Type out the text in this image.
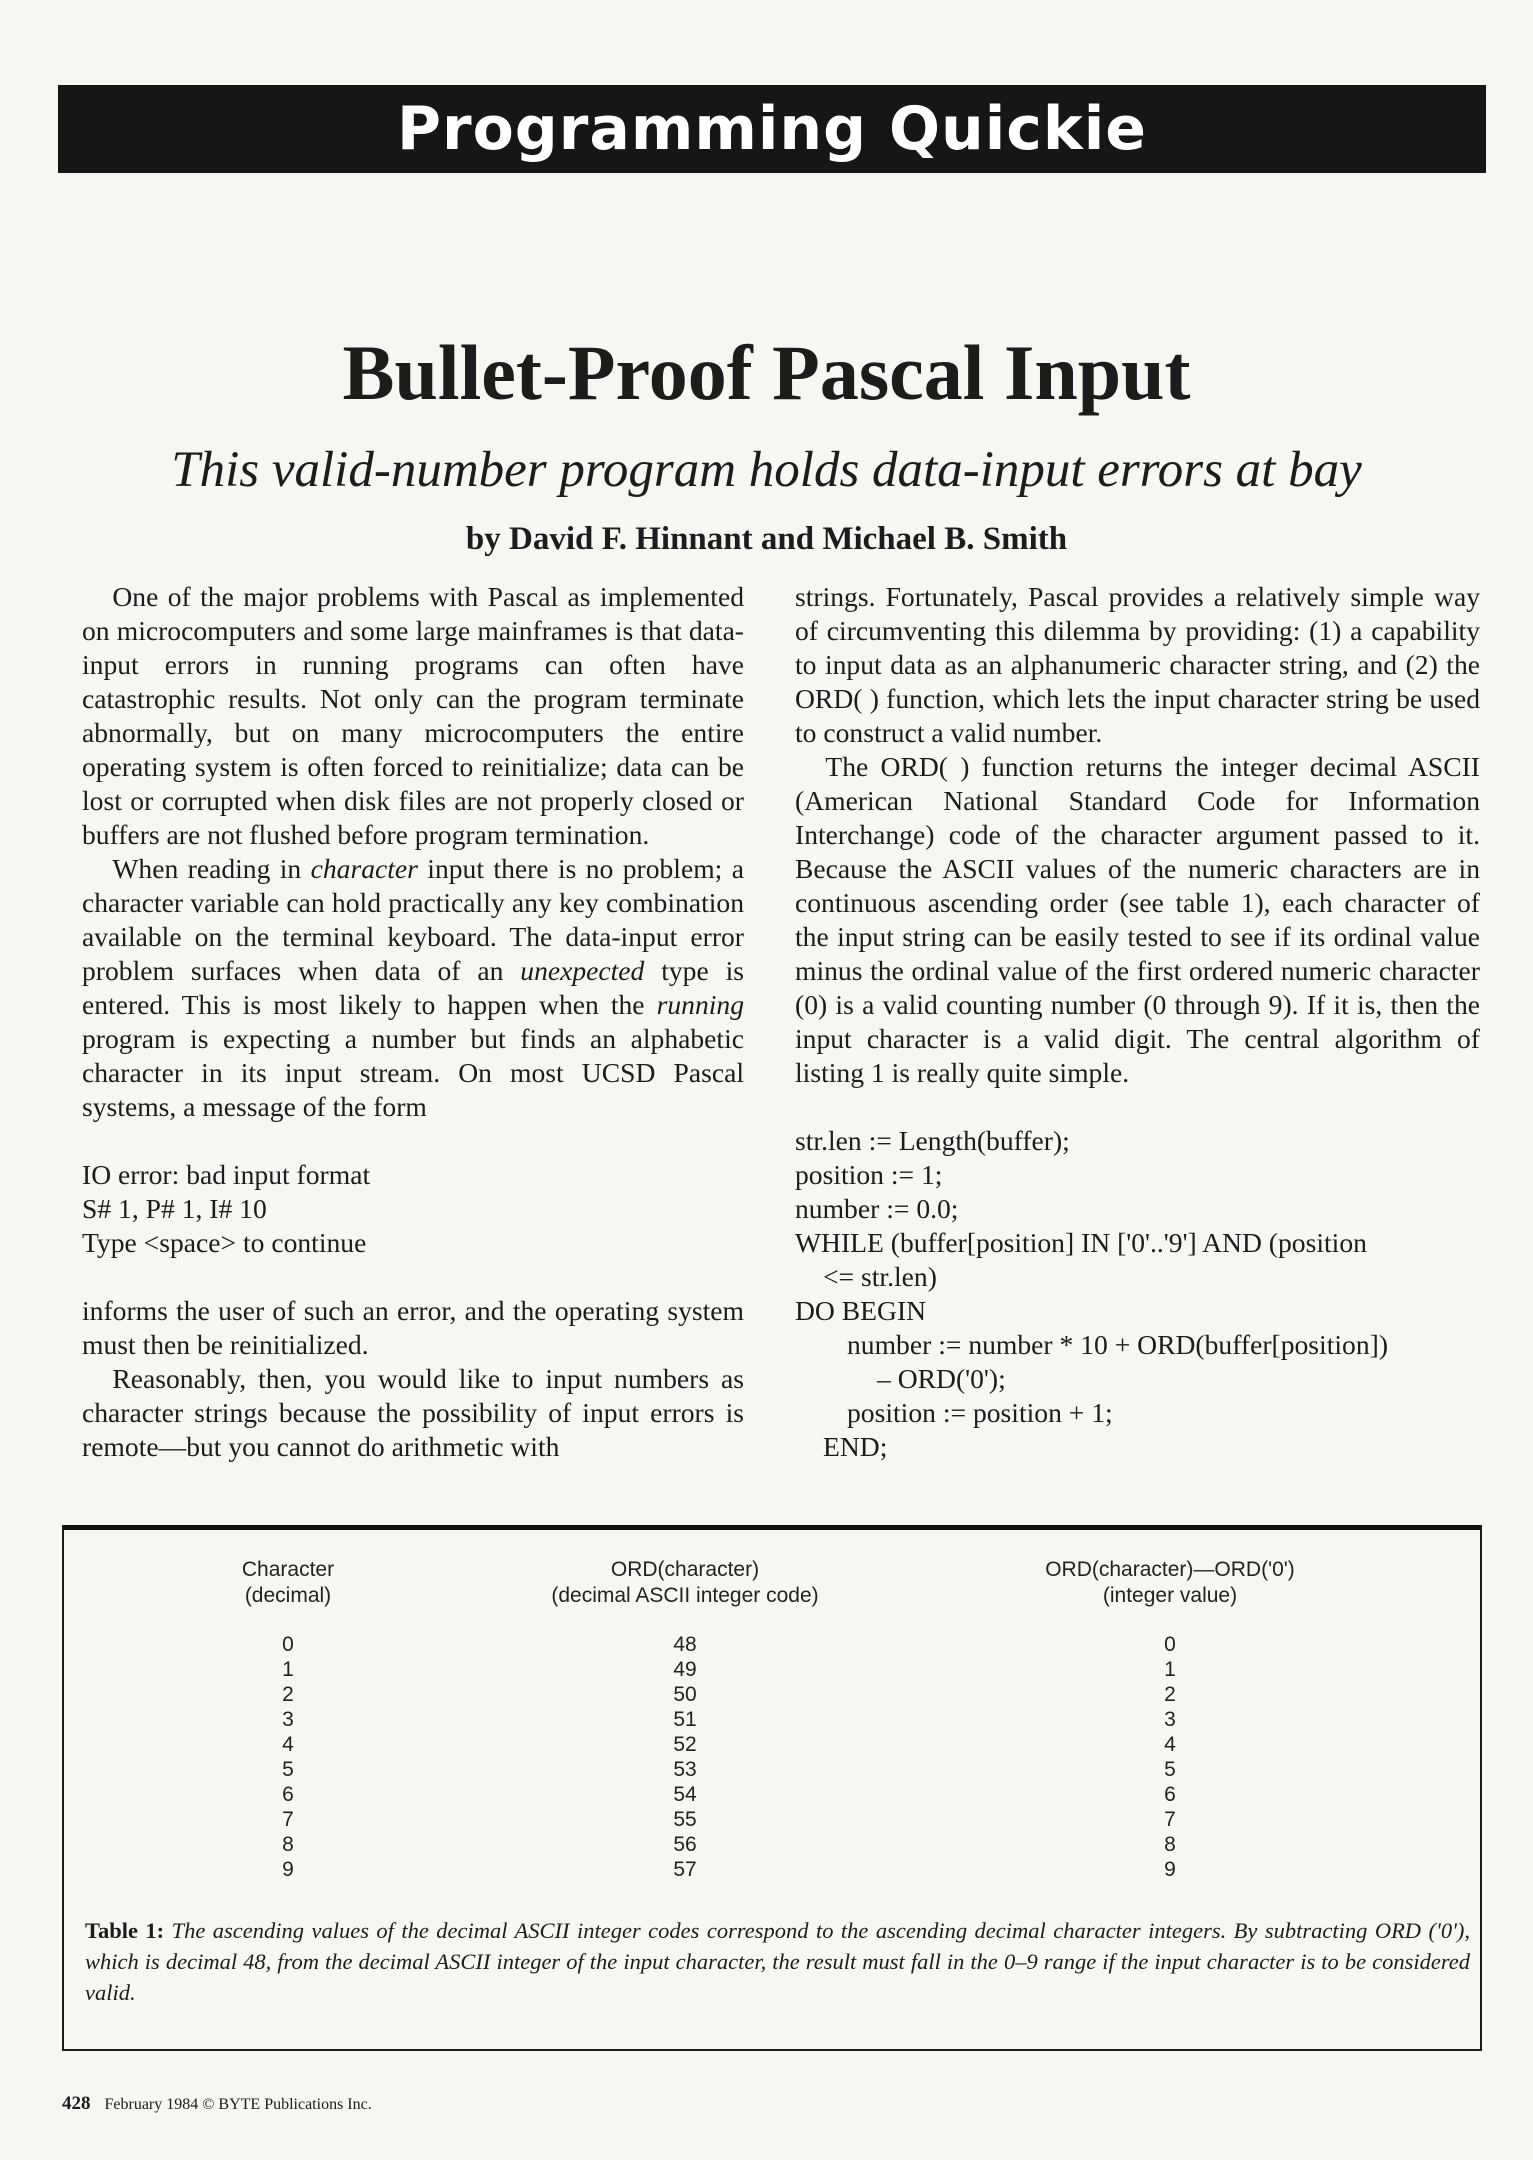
Programming Quickie
Bullet-Proof Pascal Input
This valid-number program holds data-input errors at bay
by David F. Hinnant and Michael B. Smith

One of the major problems with Pascal as implemented on microcomputers and some large mainframes is that data-input errors in running programs can often have catastrophic results. Not only can the program terminate abnormally, but on many microcomputers the entire operating system is often forced to reinitialize; data can be lost or corrupted when disk files are not properly closed or buffers are not flushed before program termination.

When reading in character input there is no problem; a character variable can hold practically any key combination available on the terminal keyboard. The data-input error problem surfaces when data of an unexpected type is entered. This is most likely to happen when the running program is expecting a number but finds an alphabetic character in its input stream. On most UCSD Pascal systems, a message of the form

IO error: bad input format
S# 1, P# 1, I# 10
Type <space> to continue

informs the user of such an error, and the operating system must then be reinitialized.

Reasonably, then, you would like to input numbers as character strings because the possibility of input errors is remote—but you cannot do arithmetic with

strings. Fortunately, Pascal provides a relatively simple way of circumventing this dilemma by providing: (1) a capability to input data as an alphanumeric character string, and (2) the ORD( ) function, which lets the input character string be used to construct a valid number.

The ORD( ) function returns the integer decimal ASCII (American National Standard Code for Information Interchange) code of the character argument passed to it. Because the ASCII values of the numeric characters are in continuous ascending order (see table 1), each character of the input string can be easily tested to see if its ordinal value minus the ordinal value of the first ordered numeric character (0) is a valid counting number (0 through 9). If it is, then the input character is a valid digit. The central algorithm of listing 1 is really quite simple.

str.len := Length(buffer);
position := 1;
number := 0.0;
WHILE (buffer[position] IN ['0'..'9'] AND (position
<= str.len)
DO BEGIN
number := number * 10 + ORD(buffer[position])
– ORD('0');
position := position + 1;
END;
Character
(decimal)
ORD(character)
(decimal ASCII integer code)
ORD(character)—ORD('0')
(integer value)
0
1
2
3
4
5
6
7
8
9
48
49
50
51
52
53
54
55
56
57
0
1
2
3
4
5
6
7
8
9
Table 1: The ascending values of the decimal ASCII integer codes correspond to the ascending decimal character integers. By subtracting ORD ('0'), which is decimal 48, from the decimal ASCII integer of the input character, the result must fall in the 0–9 range if the input character is to be considered valid.
428 February 1984 © BYTE Publications Inc.
